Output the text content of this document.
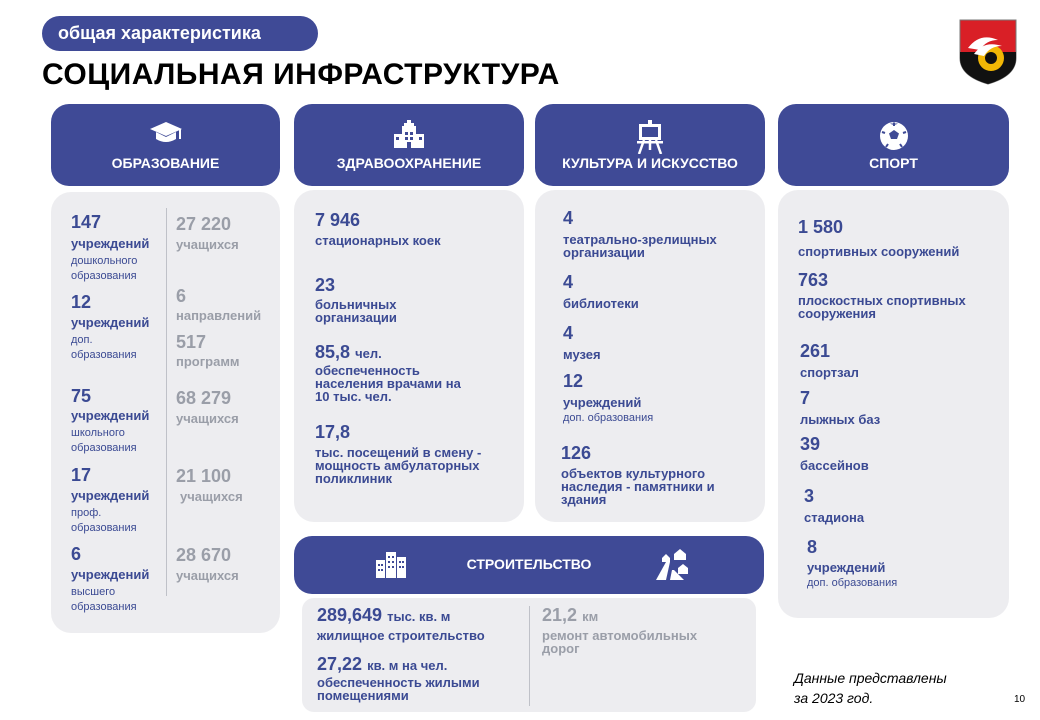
общая характеристика
СОЦИАЛЬНАЯ ИНФРАСТРУКТУРА
ОБРАЗОВАНИЕ	ЗДРАВООХРАНЕНИЕ	КУЛЬТУРА И ИСКУССТВО	СПОРТ
147
учреждений
дошкольного образования
12
учреждений
доп. образования
75
учреждений
школьного образования
17
учреждений
проф. образования
6
учреждений
высшего образования
27 220
учащихся
6
направлений
517
программ
68 279
учащихся
21 100
учащихся
28 670
учащихся
7 946
стационарных коек
23
больничных организации
85,8 чел.
обеспеченность населения врачами на 10 тыс. чел.
17,8
тыс. посещений в смену - мощность амбулаторных поликлиник
4
театрально-зрелищных организации
4
библиотеки
4
музея
12
учреждений
доп. образования
126
объектов культурного наследия - памятники и здания
1 580
спортивных сооружений
763
плоскостных спортивных сооружения
261
спортзал
7
лыжных баз
39
бассейнов
3
стадиона
8
учреждений
доп. образования
СТРОИТЕЛЬСТВО
289,649 тыс. кв. м
жилищное строительство
27,22 кв. м на чел.
обеспеченность жилыми помещениями
21,2 км
ремонт автомобильных дорог
Данные представлены
за 2023 год.	10
